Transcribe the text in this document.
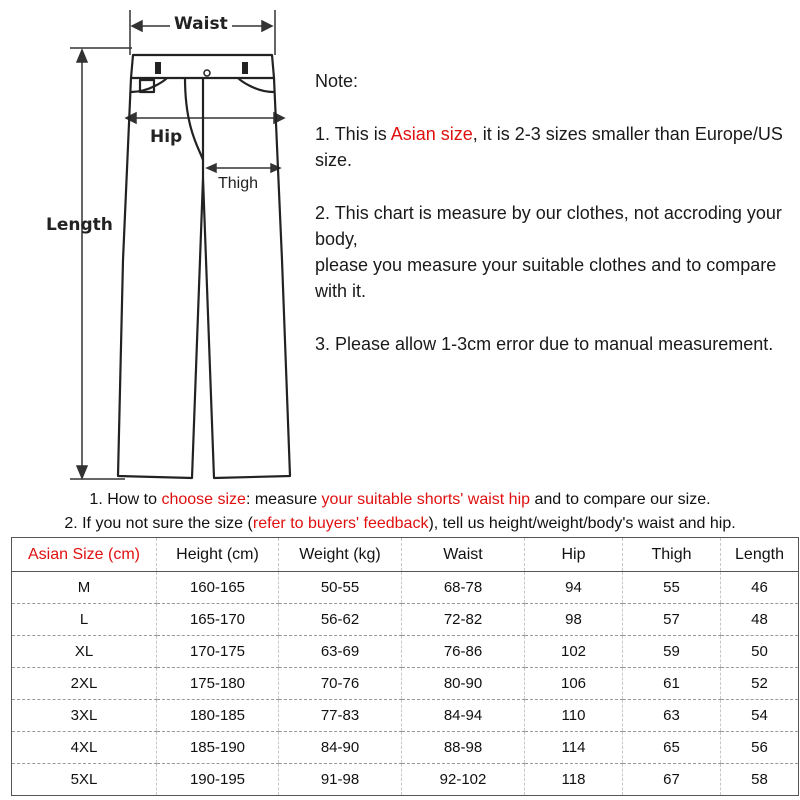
Waist
Hip
Thigh
Length

Note:

1. This is Asian size, it is 2-3 sizes smaller than Europe/US size.

2. This chart is measure by our clothes, not accroding your body,
please you measure your suitable clothes and to compare with it.

3. Please allow 1-3cm error due to manual measurement.

1. How to choose size: measure your suitable shorts' waist hip and to compare our size.
2. If you not sure the size (refer to buyers' feedback), tell us height/weight/body's waist and hip.
Asian Size (cm)	Height (cm)	Weight (kg)	Waist	Hip	Thigh	Length
M	160-165	50-55	68-78	94	55	46
L	165-170	56-62	72-82	98	57	48
XL	170-175	63-69	76-86	102	59	50
2XL	175-180	70-76	80-90	106	61	52
3XL	180-185	77-83	84-94	110	63	54
4XL	185-190	84-90	88-98	114	65	56
5XL	190-195	91-98	92-102	118	67	58
